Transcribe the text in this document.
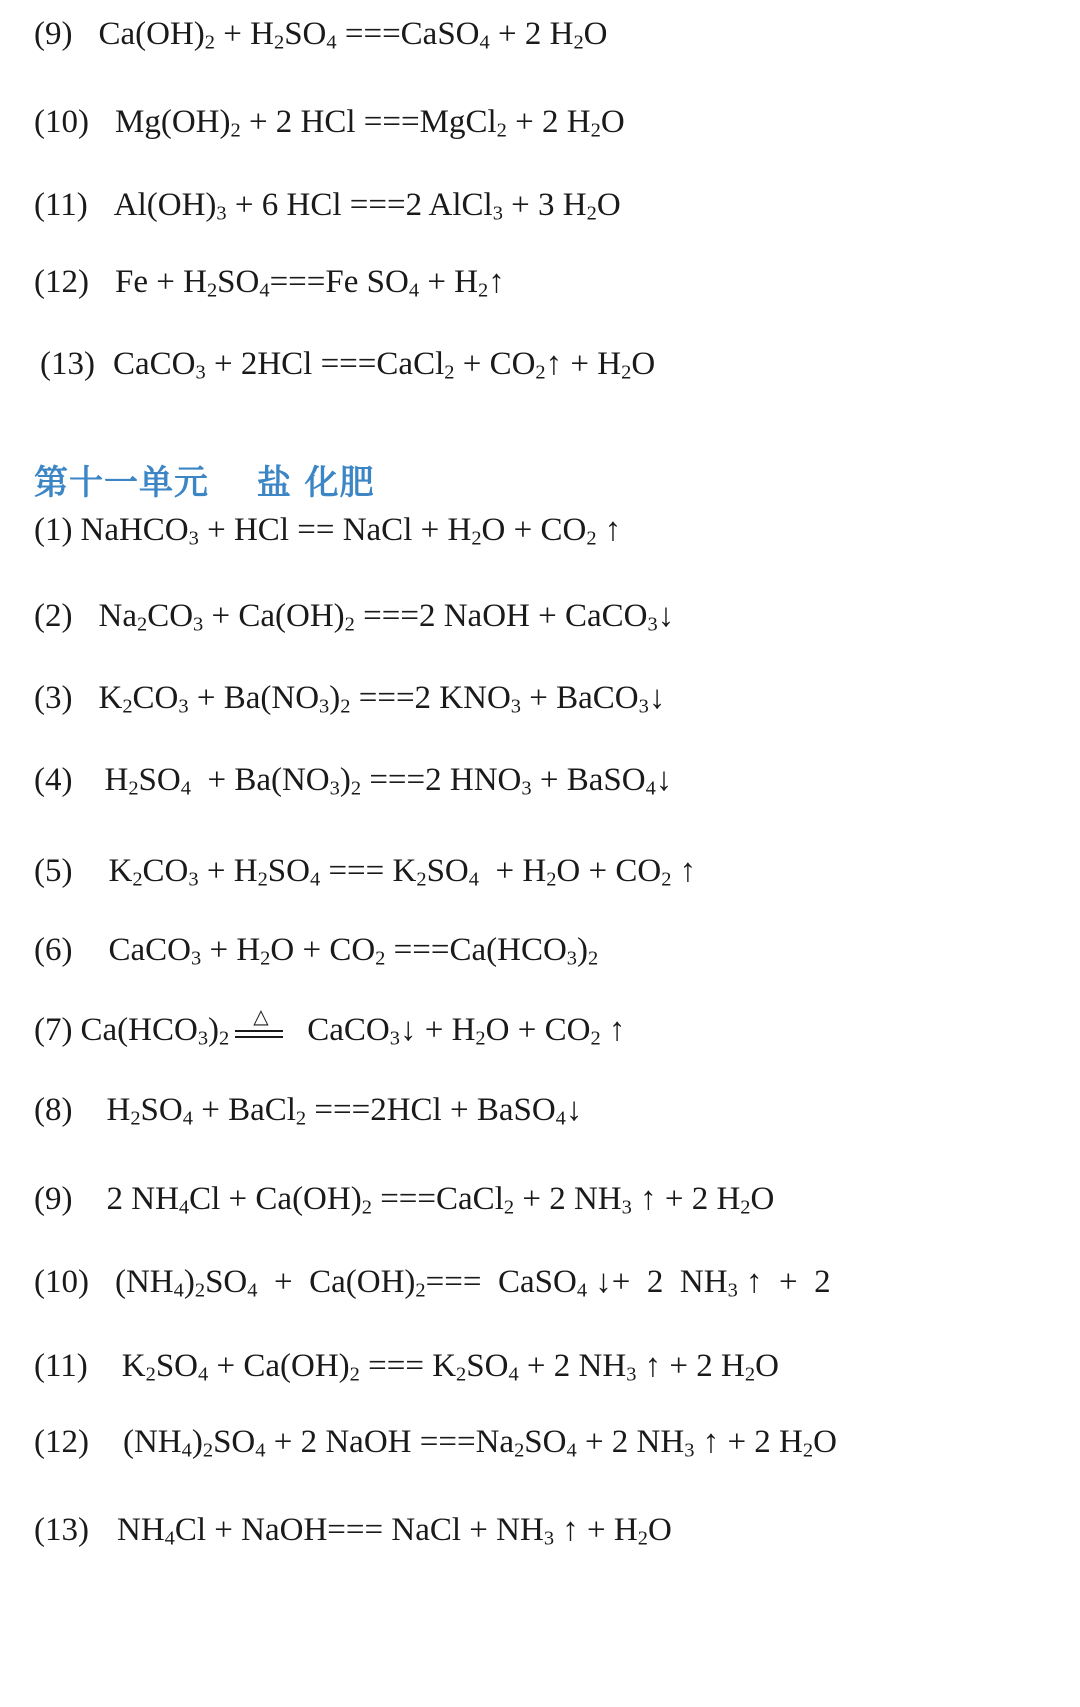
(9) $Ca(OH)_2 + H_2SO_4$ ===CaSO$_4$ + 2 $H_2O$
(10) $Mg(OH)_2 + 2$ HCl ===MgCl$_2$ + 2 $H_2O$
(11) $Al(OH)_3 + 6$ HCl ===2 AlCl$_3$ + 3 $H_2O$
(12) $Fe + H_2SO_4===Fe$ $SO_4$ + $H_2↑$
(13) CaCO$_3$ + 2HCl ===CaCl$_2$ + $CO_2↑ + H_2O$
第十一单元　 盐 化肥
(1) NaHCO$_3$ + HCl == NaCl + $H_2O + CO_2$ ↑
(2) $Na_2CO_3 + Ca(OH)_2 ===2$ NaOH + CaCO$_3$↓
(3) $K_2CO_3 + Ba(NO_3)_2 ===2$ $KNO_3$ + BaCO$_3$↓
(4) $H_2SO_4 + Ba(NO_3)_2 ===2$ $HNO_3$ + BaSO$_4$↓
(5) $K_2CO_3 + H_2SO_4$ === $K_2SO_4 + H_2O + CO_2$ ↑
(6) CaCO$_3$ + $H_2O + CO_2 ===Ca(HCO_3)_2$
(7) $Ca(HCO_3)_2$
△ CaCO$_3$↓ + $H_2O + CO_2$ ↑
(8) $H_2SO_4$ + BaCl$_2$ ===2HCl + BaSO$_4$↓
(9) 2 $NH_4Cl + Ca(OH)_2$ ===CaCl$_2$ + 2 $NH_3$ ↑ + 2 $H_2O$
(10) $(NH_4)_2SO_4 + Ca(OH)_2===$  CaSO$_4$ ↓+  2  $NH_3$ ↑  +  2
(11) $K_2SO_4 + Ca(OH)_2$ === $K_2SO_4 + 2$ $NH_3$ ↑ + 2 $H_2O$
(12) $(NH_4)_2SO_4 + 2$ NaOH $===Na_2SO_4 + 2$ $NH_3$ ↑ + 2 $H_2O$
(13) $NH_4Cl$ + NaOH=== NaCl + $NH_3$ ↑ + $H_2O$
